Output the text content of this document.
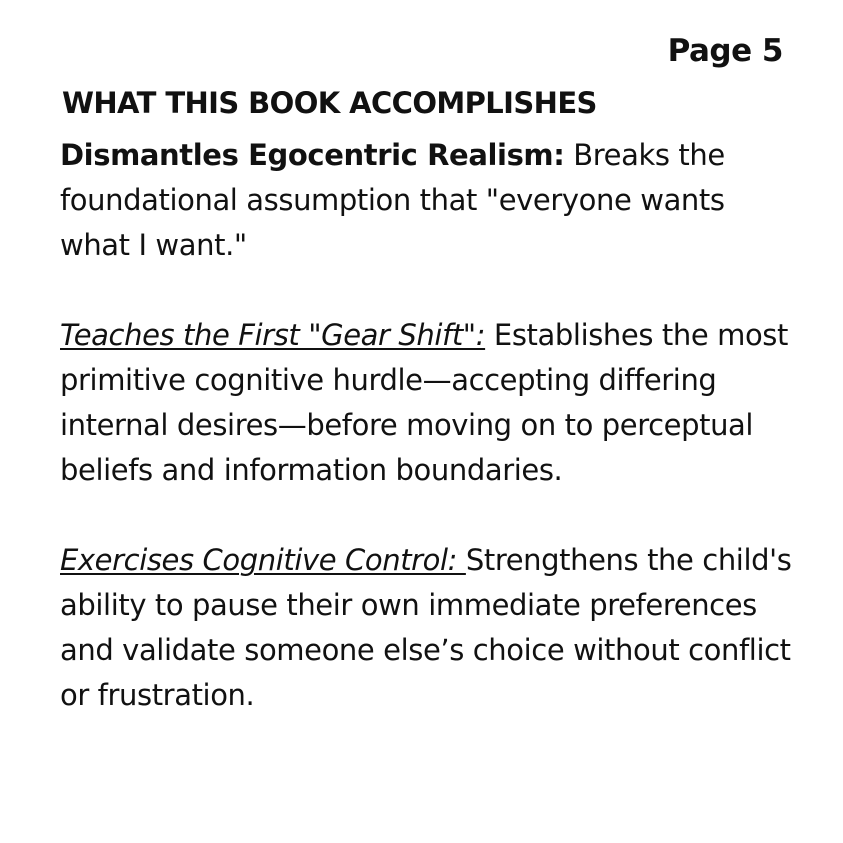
Page 5

WHAT THIS BOOK ACCOMPLISHES

Dismantles Egocentric Realism: Breaks the foundational assumption that "everyone wants what I want."

Teaches the First "Gear Shift": Establishes the most primitive cognitive hurdle—accepting differing internal desires—before moving on to perceptual beliefs and information boundaries.

Exercises Cognitive Control: Strengthens the child's ability to pause their own immediate preferences and validate someone else’s choice without conflict or frustration.
